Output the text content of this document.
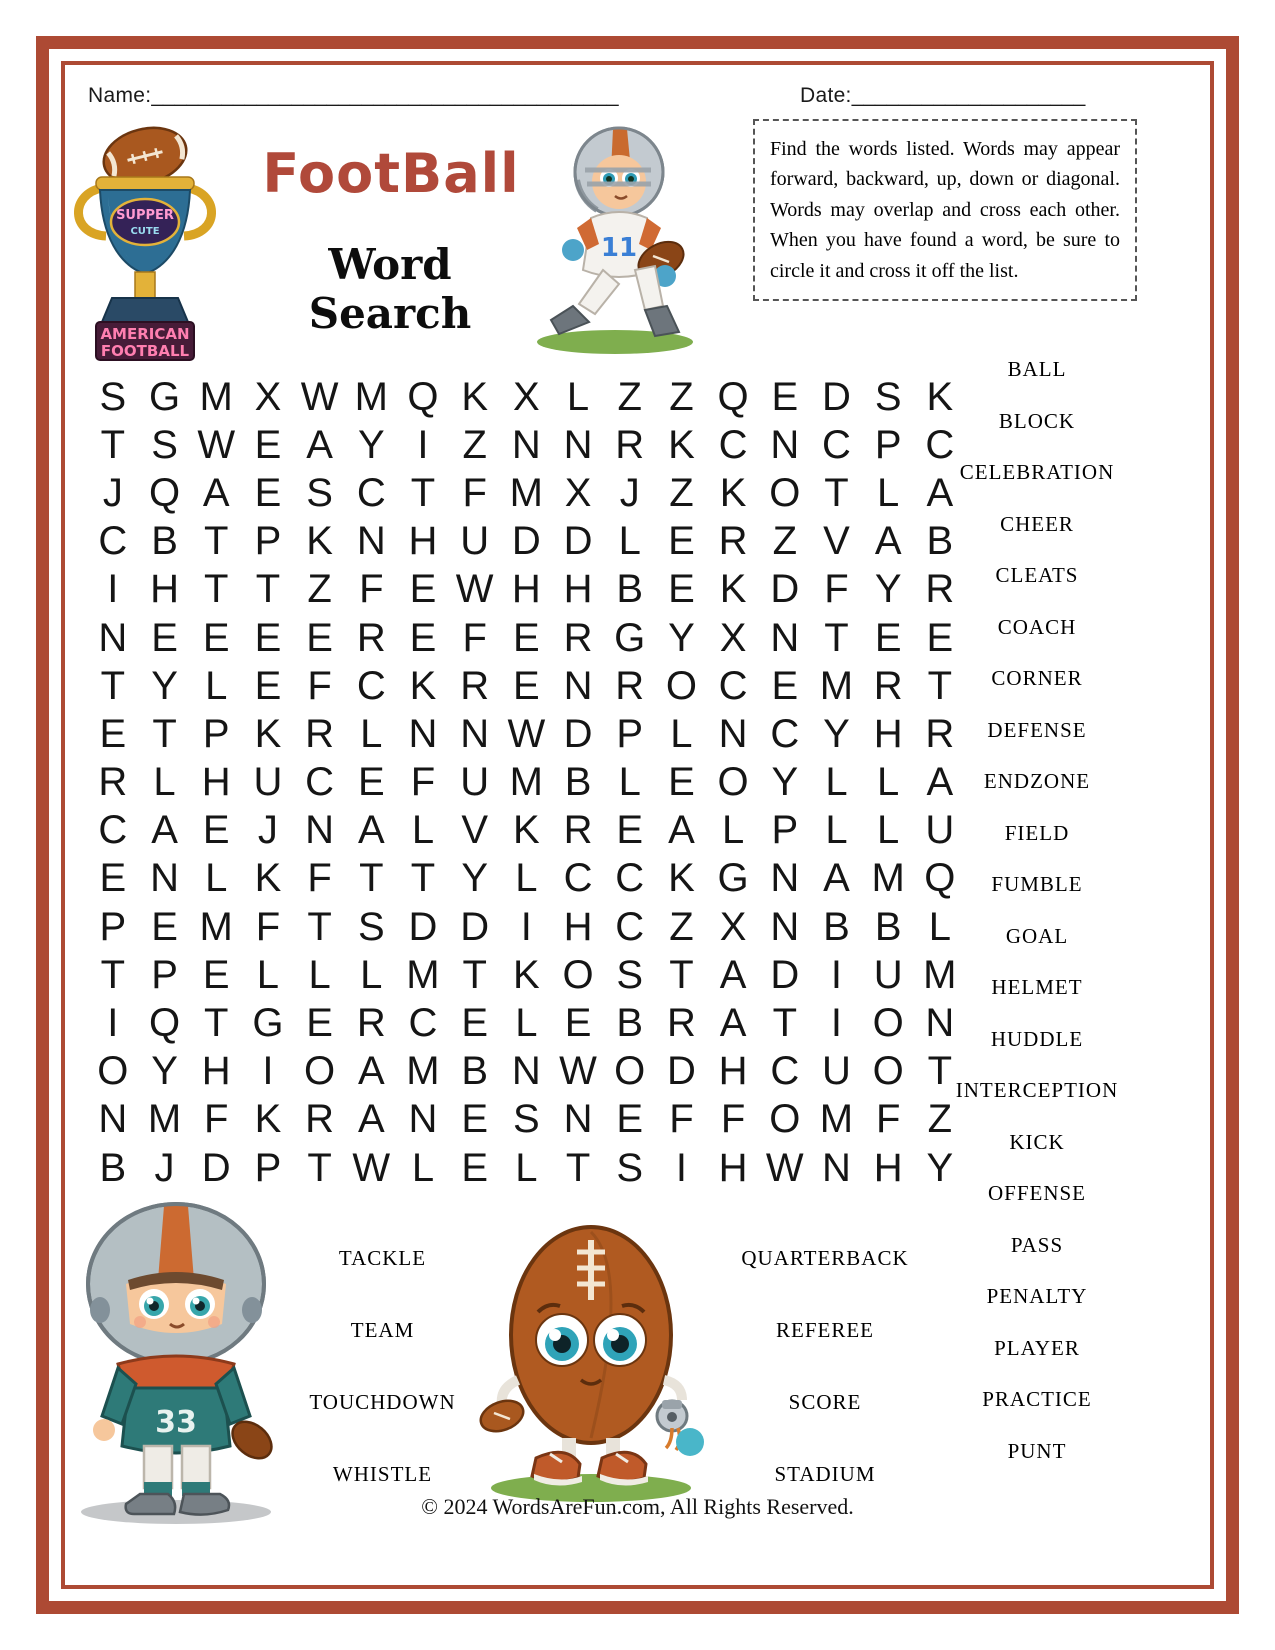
Name:________________________________________	Date:____________________
SUPPER
CUTE
AMERICAN
FOOTBALL
FootBall
Word Search
11
Find the words listed. Words may appear forward, backward, up, down or diagonal. Words may overlap and cross each other. When you have found a word, be sure to circle it and cross it off the list.
S G M X W M Q K X L Z Z Q E D S K
T S W E A Y I Z N N R K C N C P C
J Q A E S C T F M X J Z K O T L A
C B T P K N H U D D L E R Z V A B
I H T T Z F E W H H B E K D F Y R
N E E E E R E F E R G Y X N T E E
T Y L E F C K R E N R O C E M R T
E T P K R L N N W D P L N C Y H R
R L H U C E F U M B L E O Y L L A
C A E J N A L V K R E A L P L L U
E N L K F T T Y L C C K G N A M Q
P E M F T S D D I H C Z X N B B L
T P E L L L M T K O S T A D I U M
I Q T G E R C E L E B R A T I O N
O Y H I O A M B N W O D H C U O T
N M F K R A N E S N E F F O M F Z
B J D P T W L E L T S I H W N H Y
BALL
BLOCK
CELEBRATION
CHEER
CLEATS
COACH
CORNER
DEFENSE
ENDZONE
FIELD
FUMBLE
GOAL
HELMET
HUDDLE
INTERCEPTION
KICK
OFFENSE
PASS
PENALTY
PLAYER
PRACTICE
PUNT
TACKLE
TEAM
TOUCHDOWN
WHISTLE
QUARTERBACK
REFEREE
SCORE
STADIUM
33
© 2024 WordsAreFun.com, All Rights Reserved.
